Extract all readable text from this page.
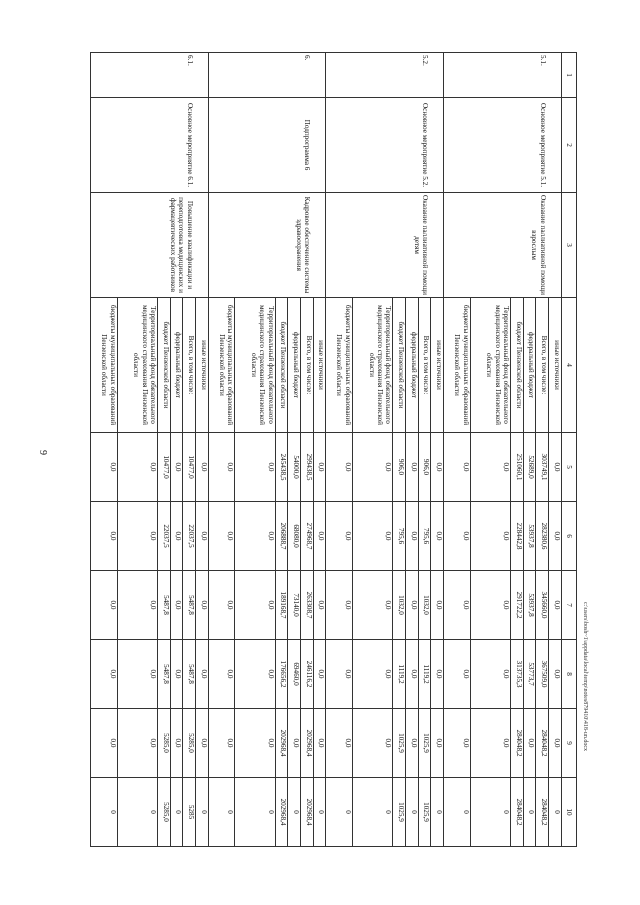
9
c:\users\bosh~1\appdata\local\temp\notes879410\418-un.docx
1	2	3	4	5	6	7	8	9	10
5.1.	Основное мероприятие 5.1.	Оказание паллиативной помощи взрослым	иные источники	0,0	0,0	0,0	0,0	0,0	0
			Всего, в том числе:	303749,1	282380,6	345660,0	367509,0	284048,2	284048,2
			федеральный бюджет	52689,0	53937,8	53937,8	53773,7	0,0	0
			бюджет Пензенской области	251060,1	228442,8	291722,2	313735,3	284048,2	284048,2
			Территориальный фонд обязательного медицинского страхования Пензенской области	0,0	0,0	0,0	0,0	0,0	0
			бюджеты муниципальных образований Пензенской области	0,0	0,0	0,0	0,0	0,0	0
5.2.	Основное мероприятие 5.2.	Оказание паллиативной помощи детям	иные источники	0,0	0,0	0,0	0,0	0,0	0
			Всего, в том числе:	906,0	795,6	1032,0	1119,2	1025,9	1025,9
			федеральный бюджет	0,0	0,0	0,0	0,0	0,0	0
			бюджет Пензенской области	906,0	795,6	1032,0	1119,2	1025,9	1025,9
			Территориальный фонд обязательного медицинского страхования Пензенской области	0,0	0,0	0,0	0,0	0,0	0
			бюджеты муниципальных образований Пензенской области	0,0	0,0	0,0	0,0	0,0	0
6.	Подпрограмма 6	Кадровое обеспечение системы здравоохранения	иные источники	0,0	0,0	0,0	0,0	0,0	0
			Всего, в том числе:	299438,5	274968,7	263308,7	246116,2	202968,4	202968,4
			федеральный бюджет	54000,0	68080,0	73140,0	69460,0	0,0	0
			бюджет Пензенской области	245438,5	206888,7	189168,7	176656,2	202968,4	202968,4
			Территориальный фонд обязательного медицинского страхования Пензенской области	0,0	0,0	0,0	0,0	0,0	0
			бюджеты муниципальных образований Пензенской области	0,0	0,0	0,0	0,0	0,0	0
6.1.	Основное мероприятие 6.1.	Повышение квалификации и переподготовка медицинских и фармацевтических работников	иные источники	0,0	0,0	0,0	0,0	0,0	0
			Всего, в том числе:	10477,0	22037,5	5487,8	5487,8	5285,0	5285
			федеральный бюджет	0,0	0,0	0,0	0,0	0,0	0
			бюджет Пензенской области	10477,0	22037,5	5487,8	5487,8	5285,0	5285,0
			Территориальный фонд обязательного медицинского страхования Пензенской области	0,0	0,0	0,0	0,0	0,0	0
			бюджеты муниципальных образований Пензенской области	0,0	0,0	0,0	0,0	0,0	0
